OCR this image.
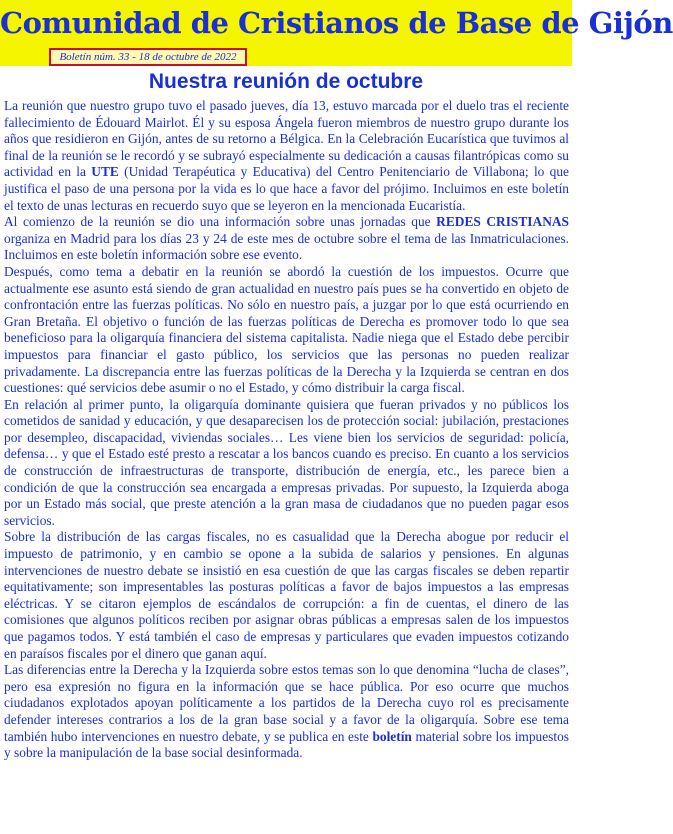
Comunidad de Cristianos de Base de Gijón
Boletín núm. 33 - 18 de octubre de 2022
Nuestra reunión de octubre

La reunión que nuestro grupo tuvo el pasado jueves, día 13, estuvo marcada por el duelo tras el reciente fallecimiento de Édouard Mairlot. Él y su esposa Ángela fueron miembros de nuestro grupo durante los años que residieron en Gijón, antes de su retorno a Bélgica. En la Celebración Eucarística que tuvimos al final de la reunión se le recordó y se subrayó especialmente su dedicación a causas filantrópicas como su actividad en la UTE (Unidad Terapéutica y Educativa) del Centro Penitenciario de Villabona; lo que justifica el paso de una persona por la vida es lo que hace a favor del prójimo. Incluimos en este boletín el texto de unas lecturas en recuerdo suyo que se leyeron en la mencionada Eucaristía.

Al comienzo de la reunión se dio una información sobre unas jornadas que REDES CRISTIANAS organiza en Madrid para los días 23 y 24 de este mes de octubre sobre el tema de las Inmatriculaciones. Incluimos en este boletín información sobre ese evento.

Después, como tema a debatir en la reunión se abordó la cuestión de los impuestos. Ocurre que actualmente ese asunto está siendo de gran actualidad en nuestro país pues se ha convertido en objeto de confrontación entre las fuerzas políticas. No sólo en nuestro país, a juzgar por lo que está ocurriendo en Gran Bretaña. El objetivo o función de las fuerzas políticas de Derecha es promover todo lo que sea beneficioso para la oligarquía financiera del sistema capitalista. Nadie niega que el Estado debe percibir impuestos para financiar el gasto público, los servicios que las personas no pueden realizar privadamente. La discrepancia entre las fuerzas políticas de la Derecha y la Izquierda se centran en dos cuestiones: qué servicios debe asumir o no el Estado, y cómo distribuir la carga fiscal.

En relación al primer punto, la oligarquía dominante quisiera que fueran privados y no públicos los cometidos de sanidad y educación, y que desaparecisen los de protección social: jubilación, prestaciones por desempleo, discapacidad, viviendas sociales… Les viene bien los servicios de seguridad: policía, defensa… y que el Estado esté presto a rescatar a los bancos cuando es preciso. En cuanto a los servicios de construcción de infraestructuras de transporte, distribución de energía, etc., les parece bien a condición de que la construcción sea encargada a empresas privadas. Por supuesto, la Izquierda aboga por un Estado más social, que preste atención a la gran masa de ciudadanos que no pueden pagar esos servicios.

Sobre la distribución de las cargas fiscales, no es casualidad que la Derecha abogue por reducir el impuesto de patrimonio, y en cambio se opone a la subida de salarios y pensiones. En algunas intervenciones de nuestro debate se insistió en esa cuestión de que las cargas fiscales se deben repartir equitativamente; son impresentables las posturas políticas a favor de bajos impuestos a las empresas eléctricas. Y se citaron ejemplos de escándalos de corrupción: a fin de cuentas, el dinero de las comisiones que algunos políticos reciben por asignar obras públicas a empresas salen de los impuestos que pagamos todos. Y está también el caso de empresas y particulares que evaden impuestos cotizando en paraísos fiscales por el dinero que ganan aquí.

Las diferencias entre la Derecha y la Izquierda sobre estos temas son lo que denomina “lucha de clases”, pero esa expresión no figura en la información que se hace pública. Por eso ocurre que muchos ciudadanos explotados apoyan políticamente a los partidos de la Derecha cuyo rol es precisamente defender intereses contrarios a los de la gran base social y a favor de la oligarquía. Sobre ese tema también hubo intervenciones en nuestro debate, y se publica en este boletín material sobre los impuestos y sobre la manipulación de la base social desinformada.
